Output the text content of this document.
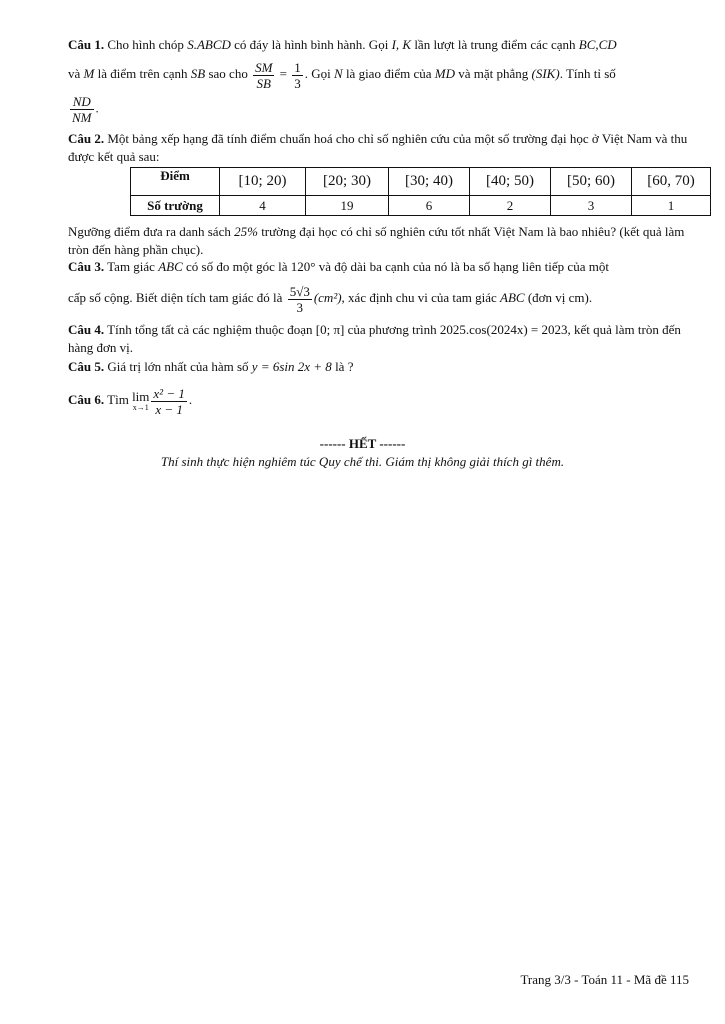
Câu 1. Cho hình chóp S.ABCD có đáy là hình bình hành. Gọi I, K lần lượt là trung điểm các cạnh BC,CD
và M là điểm trên cạnh SB sao cho $\frac{SM}{SB} = \frac{1}{3}$ . Gọi N là giao điểm của MD và mặt phẳng (SIK). Tính tỉ số
$\frac{ND}{NM}$ .
Câu 2. Một bảng xếp hạng đã tính điểm chuẩn hoá cho chỉ số nghiên cứu của một số trường đại học ở Việt Nam và thu được kết quả sau:
Điểm	[10; 20)	[20; 30)	[30; 40)	[40; 50)	[50; 60)	[60, 70)
Số trường	4	19	6	2	3	1
Ngưỡng điểm đưa ra danh sách 25% trường đại học có chỉ số nghiên cứu tốt nhất Việt Nam là bao nhiêu? (kết quả làm tròn đến hàng phần chục).
Câu 3. Tam giác ABC có số đo một góc là 120° và độ dài ba cạnh của nó là ba số hạng liên tiếp của một
cấp số cộng. Biết diện tích tam giác đó là $\frac{5√3}{3} (cm^2)$, xác định chu vi của tam giác ABC (đơn vị cm).
Câu 4. Tính tổng tất cả các nghiệm thuộc đoạn [0; π] của phương trình 2025.cos(2024x) = 2023, kết quả làm tròn đến hàng đơn vị.
Câu 5. Giá trị lớn nhất của hàm số y = 6sin 2x + 8 là ?
Câu 6. Tìm lim
$x\to 1 \frac{\text{x² − 1}}{x - 1}$ .
------ HẾT ------
Thí sinh thực hiện nghiêm túc Quy chế thi. Giám thị không giải thích gì thêm.
Trang 3/3 - Toán 11 - Mã đề 115
